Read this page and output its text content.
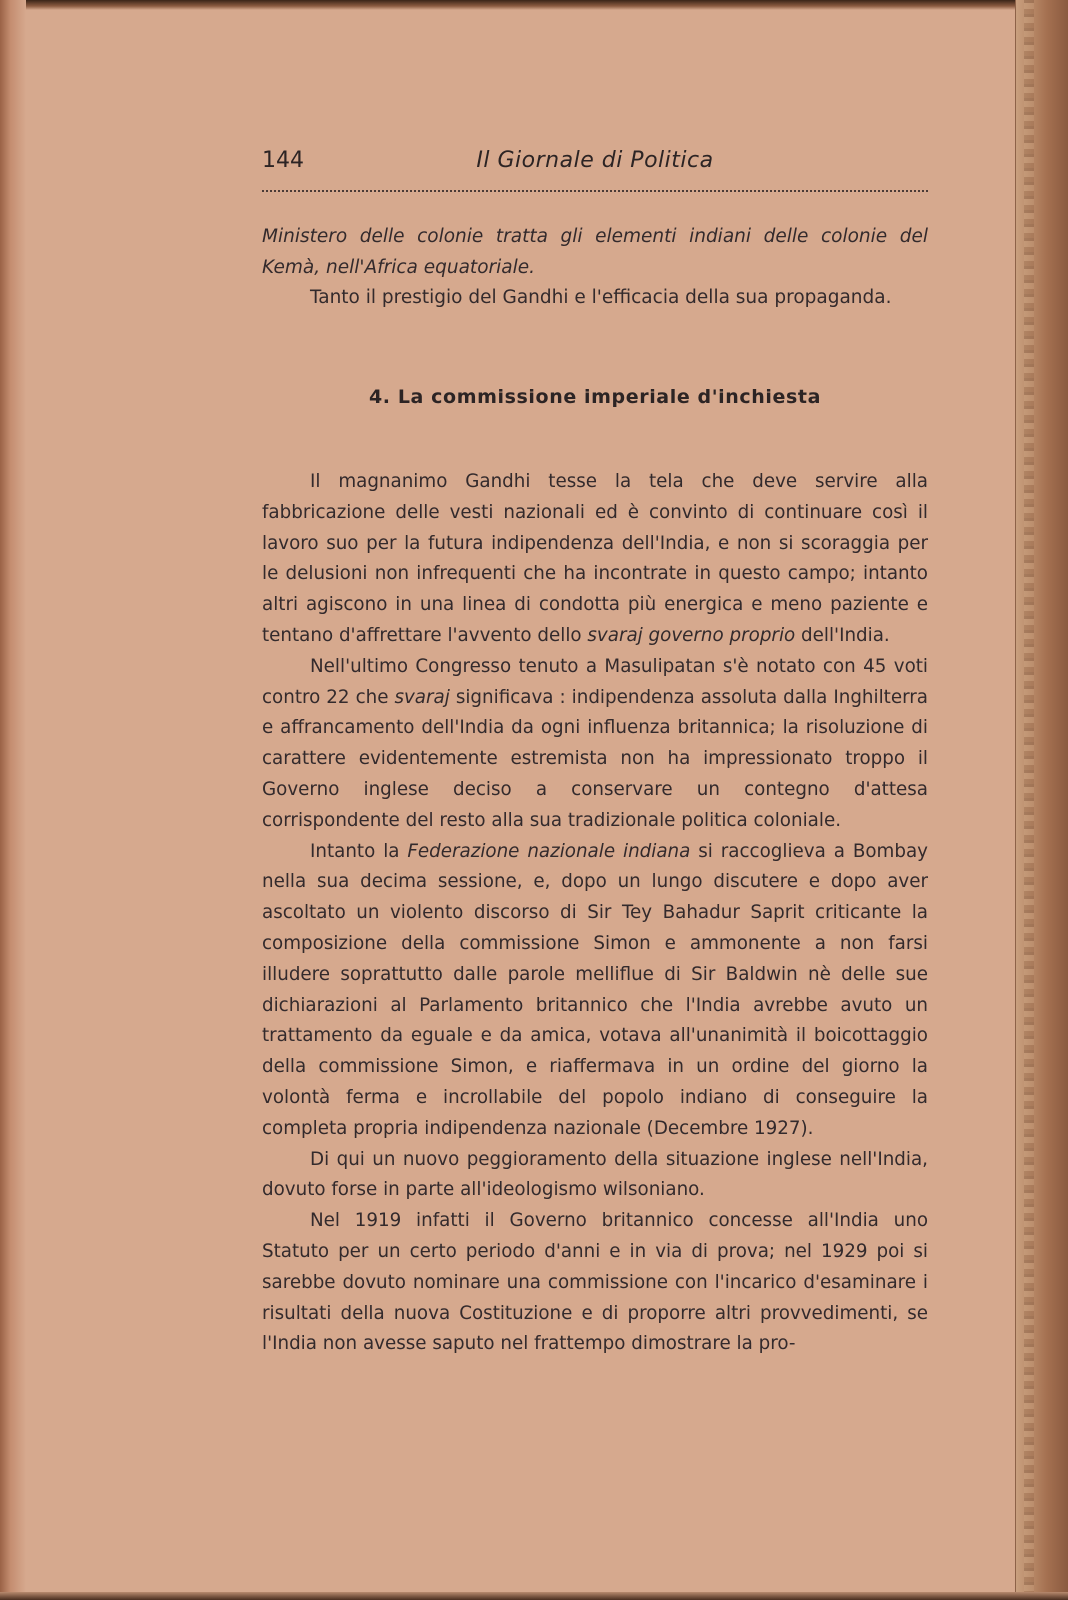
144	Il Giornale di Politica

Ministero delle colonie tratta gli elementi indiani delle colonie del Kemà, nell'Africa equatoriale.

Tanto il prestigio del Gandhi e l'efficacia della sua propaganda.

4. La commissione imperiale d'inchiesta

Il magnanimo Gandhi tesse la tela che deve servire alla fabbricazione delle vesti nazionali ed è convinto di continuare così il lavoro suo per la futura indipendenza dell'India, e non si scoraggia per le delusioni non infrequenti che ha incontrate in questo campo; intanto altri agiscono in una linea di condotta più energica e meno paziente e tentano d'affrettare l'avvento dello svaraj governo proprio dell'India.

Nell'ultimo Congresso tenuto a Masulipatan s'è notato con 45 voti contro 22 che svaraj significava : indipendenza assoluta dalla Inghilterra e affrancamento dell'India da ogni influenza britannica; la risoluzione di carattere evidentemente estremista non ha impressionato troppo il Governo inglese deciso a conservare un contegno d'attesa corrispondente del resto alla sua tradizionale politica coloniale.

Intanto la Federazione nazionale indiana si raccoglieva a Bombay nella sua decima sessione, e, dopo un lungo discutere e dopo aver ascoltato un violento discorso di Sir Tey Bahadur Saprit criticante la composizione della commissione Simon e ammonente a non farsi illudere soprattutto dalle parole melliflue di Sir Baldwin nè delle sue dichiarazioni al Parlamento britannico che l'India avrebbe avuto un trattamento da eguale e da amica, votava all'unanimità il boicottaggio della commissione Simon, e riaffermava in un ordine del giorno la volontà ferma e incrollabile del popolo indiano di conseguire la completa propria indipendenza nazionale (Decembre 1927).

Di qui un nuovo peggioramento della situazione inglese nell'India, dovuto forse in parte all'ideologismo wilsoniano.

Nel 1919 infatti il Governo britannico concesse all'India uno Statuto per un certo periodo d'anni e in via di prova; nel 1929 poi si sarebbe dovuto nominare una commissione con l'incarico d'esaminare i risultati della nuova Costituzione e di proporre altri provvedimenti, se l'India non avesse saputo nel frattempo dimostrare la pro-
